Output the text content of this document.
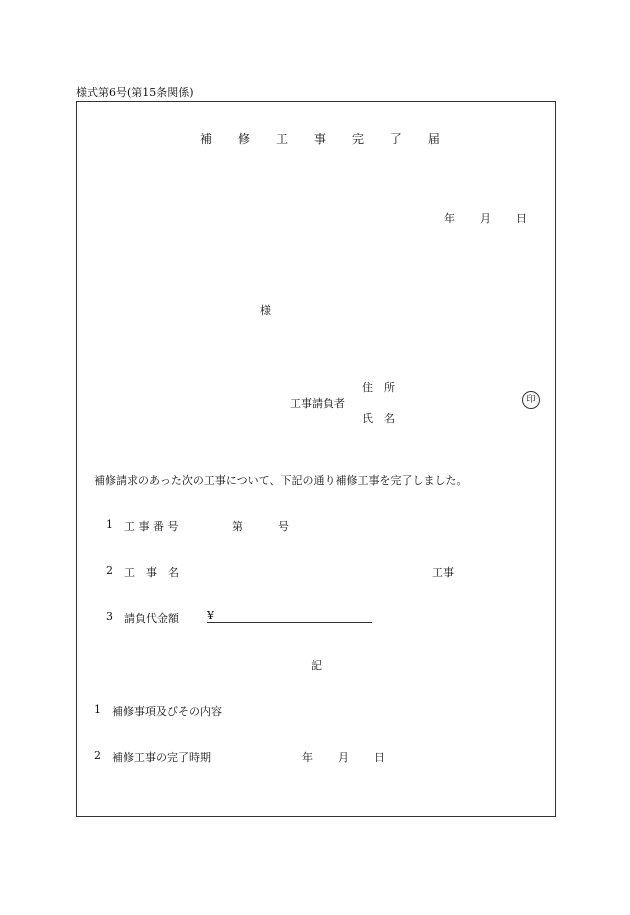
様式第6号(第15条関係)
補 修 工 事 完 了 届
年 月 日
様
住　所
工事請負者
氏　名
印
補修請求のあった次の工事について、下記の通り補修工事を完了しました。
1 工 事 番 号	第	号
2 工　事　名	工事
3 請負代金額	¥
記
1 補修事項及びその内容
2 補修工事の完了時期	年 月 日
